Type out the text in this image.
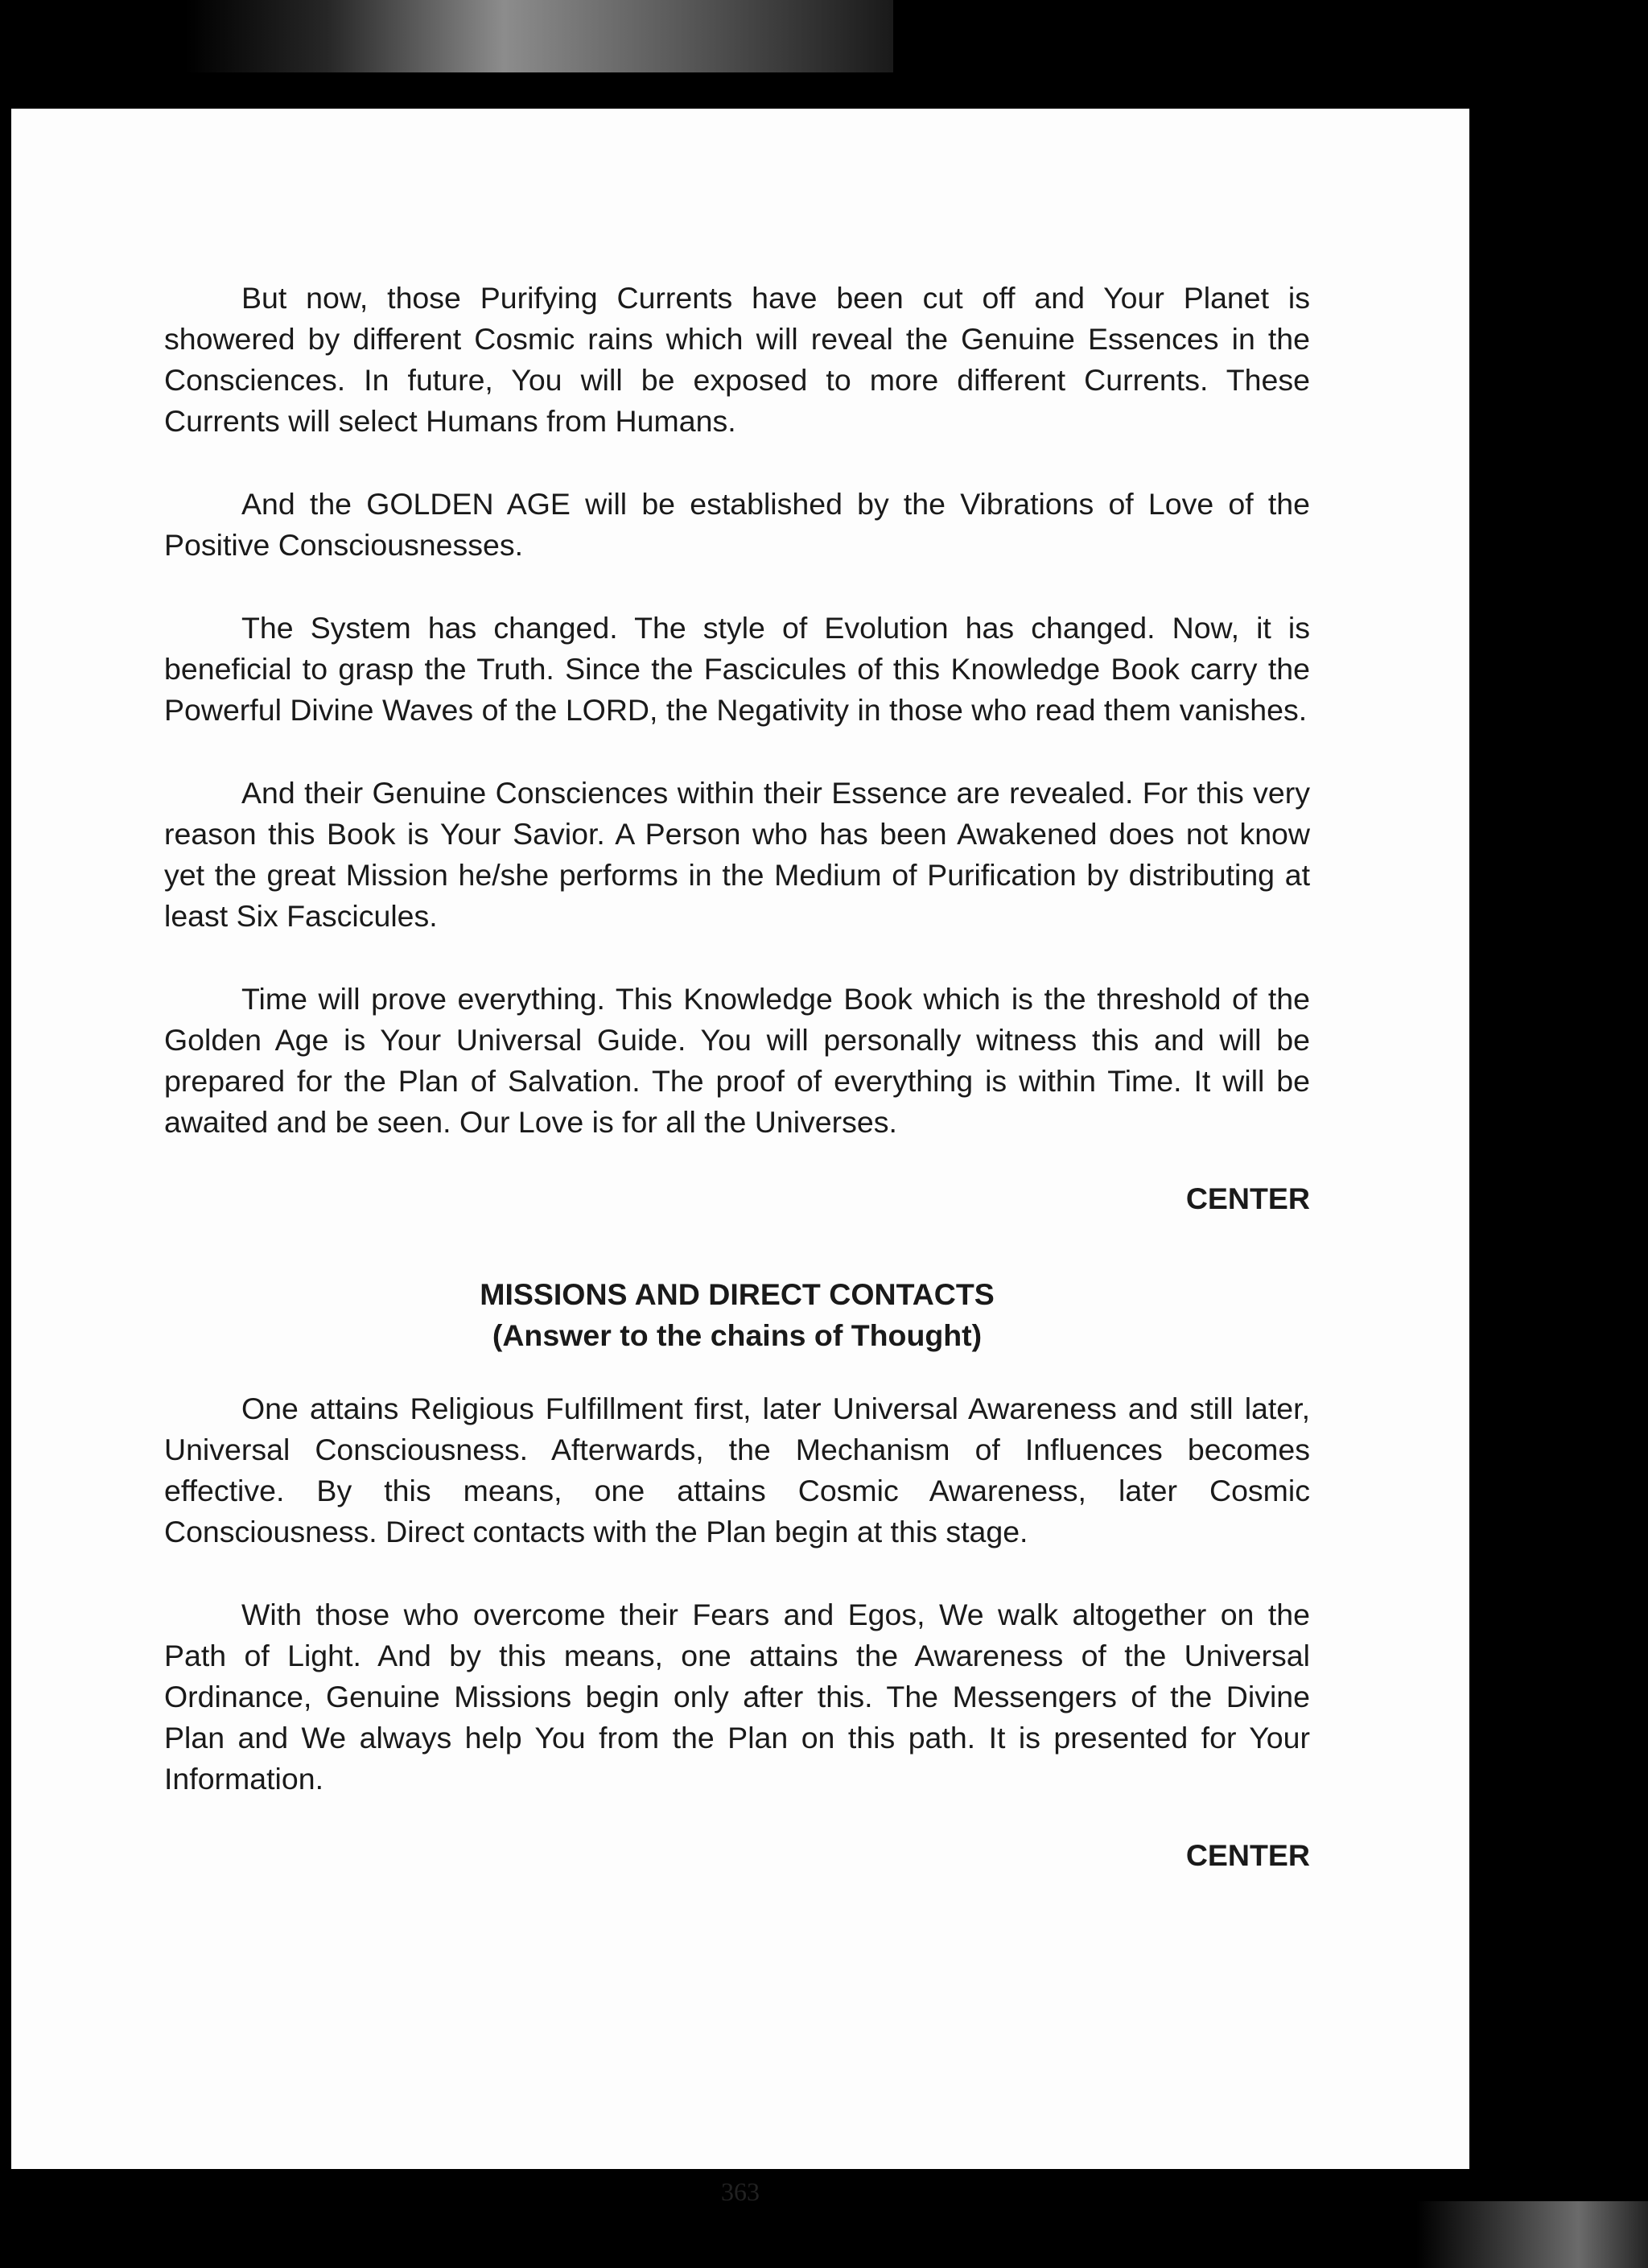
But now, those Purifying Currents have been cut off and Your Planet is showered by different Cosmic rains which will reveal the Genuine Essences in the Consciences. In future, You will be exposed to more different Currents. These Currents will select Humans from Humans.

And the GOLDEN AGE will be established by the Vibrations of Love of the Positive Consciousnesses.

The System has changed. The style of Evolution has changed. Now, it is beneficial to grasp the Truth. Since the Fascicules of this Knowledge Book carry the Powerful Divine Waves of the LORD, the Negativity in those who read them vanishes.

And their Genuine Consciences within their Essence are revealed. For this very reason this Book is Your Savior. A Person who has been Awakened does not know yet the great Mission he/she performs in the Medium of Purification by distributing at least Six Fascicules.

Time will prove everything. This Knowledge Book which is the threshold of the Golden Age is Your Universal Guide. You will personally witness this and will be prepared for the Plan of Salvation. The proof of everything is within Time. It will be awaited and be seen. Our Love is for all the Universes.

CENTER
MISSIONS AND DIRECT CONTACTS
(Answer to the chains of Thought)

One attains Religious Fulfillment first, later Universal Awareness and still later, Universal Consciousness. Afterwards, the Mechanism of Influences becomes effective. By this means, one attains Cosmic Awareness, later Cosmic Consciousness. Direct contacts with the Plan begin at this stage.

With those who overcome their Fears and Egos, We walk altogether on the Path of Light. And by this means, one attains the Awareness of the Universal Ordinance, Genuine Missions begin only after this. The Messengers of the Divine Plan and We always help You from the Plan on this path. It is presented for Your Information.

CENTER
363
